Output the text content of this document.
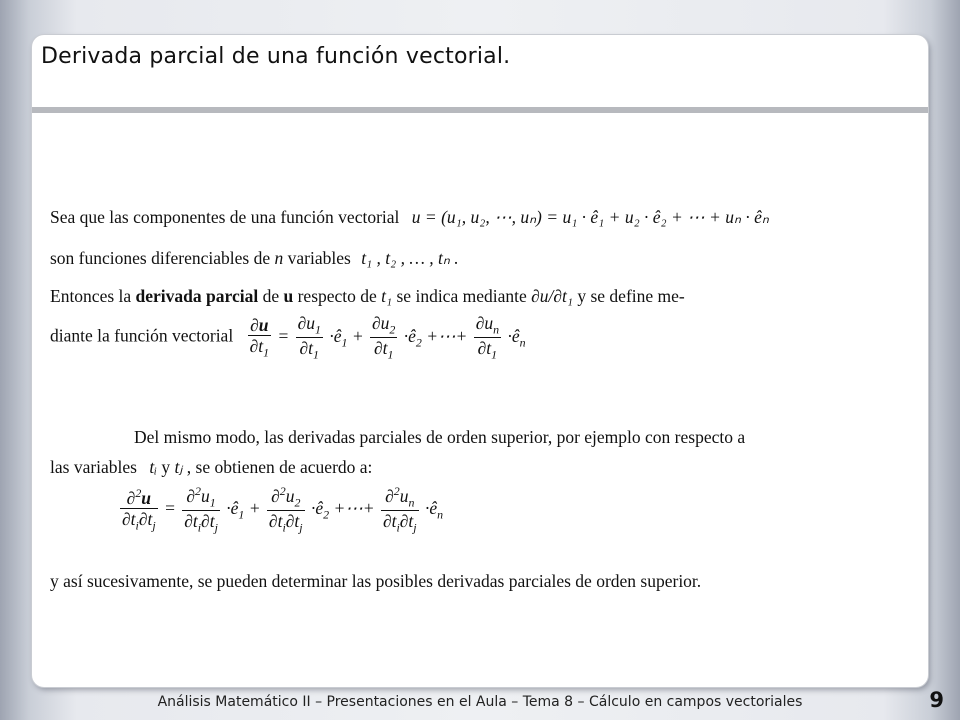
Derivada parcial de una función vectorial.
Sea que las componentes de una función vectorial u = (u₁, u₂, ⋯, uₙ) = u₁ · ê₁ + u₂ · ê₂ + ⋯ + uₙ · êₙ
son funciones diferenciables de n variables t₁ , t₂ , … , tₙ .
Entonces la derivada parcial de u respecto de t₁ se indica mediante ∂u/∂t₁ y se define me-
diante la función vectorial $\frac{\partial u}{\partial t_1} = \frac{\partial u_1}{\partial t_1}$ $\cdot ê_1 + \frac{\partial u_2}{\partial t_1}$ $\cdot ê_2$ +⋯+ $\frac{\partial u_n}{\partial t_1}$ $\cdot ê_n$
Del mismo modo, las derivadas parciales de orden superior, por ejemplo con respecto a
las variables tᵢ y tⱼ , se obtienen de acuerdo a:
$\frac{\partial^2u}{\partial t_i\partial t_j} = \frac{\partial^2u_1}{\partial t_i\partial t_j}$ $\cdot ê_1 + \frac{\partial^2u_2}{\partial t_i\partial t_j}$ $\cdot ê_2$ +⋯+ $\frac{\partial^2u_n}{\partial t_i\partial t_j}$ $\cdot ê_n$
y así sucesivamente, se pueden determinar las posibles derivadas parciales de orden superior.
Análisis Matemático II – Presentaciones en el Aula – Tema 8 – Cálculo en campos vectoriales	9
